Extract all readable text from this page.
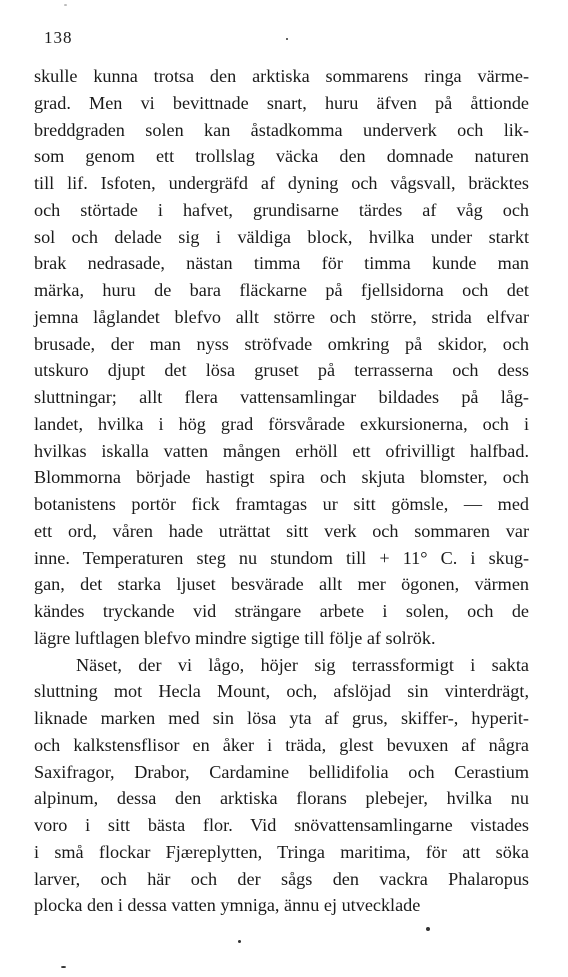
138
skulle kunna trotsa den arktiska sommarens ringa värme-
grad. Men vi bevittnade snart, huru äfven på åttionde
breddgraden solen kan åstadkomma underverk och lik-
som genom ett trollslag väcka den domnade naturen
till lif. Isfoten, undergräfd af dyning och vågsvall, bräcktes
och störtade i hafvet, grundisarne tärdes af våg och
sol och delade sig i väldiga block, hvilka under starkt
brak nedrasade, nästan timma för timma kunde man
märka, huru de bara fläckarne på fjellsidorna och det
jemna låglandet blefvo allt större och större, strida elfvar
brusade, der man nyss ströfvade omkring på skidor, och
utskuro djupt det lösa gruset på terrasserna och dess
sluttningar; allt flera vattensamlingar bildades på låg-
landet, hvilka i hög grad försvårade exkursionerna, och i
hvilkas iskalla vatten mången erhöll ett ofrivilligt halfbad.
Blommorna började hastigt spira och skjuta blomster, och
botanistens portör fick framtagas ur sitt gömsle, — med
ett ord, våren hade uträttat sitt verk och sommaren var
inne. Temperaturen steg nu stundom till + 11° C. i skug-
gan, det starka ljuset besvärade allt mer ögonen, värmen
kändes tryckande vid strängare arbete i solen, och de
lägre luftlagen blefvo mindre sigtige till följe af solrök.
Näset, der vi lågo, höjer sig terrassformigt i sakta
sluttning mot Hecla Mount, och, afslöjad sin vinterdrägt,
liknade marken med sin lösa yta af grus, skiffer-, hyperit-
och kalkstensflisor en åker i träda, glest bevuxen af några
Saxifragor, Drabor, Cardamine bellidifolia och Cerastium
alpinum, dessa den arktiska florans plebejer, hvilka nu
voro i sitt bästa flor. Vid snövattensamlingarne vistades
i små flockar Fjæreplytten, Tringa maritima, för att söka
larver, och här och der sågs den vackra Phalaropus
plocka den i dessa vatten ymniga, ännu ej utvecklade
